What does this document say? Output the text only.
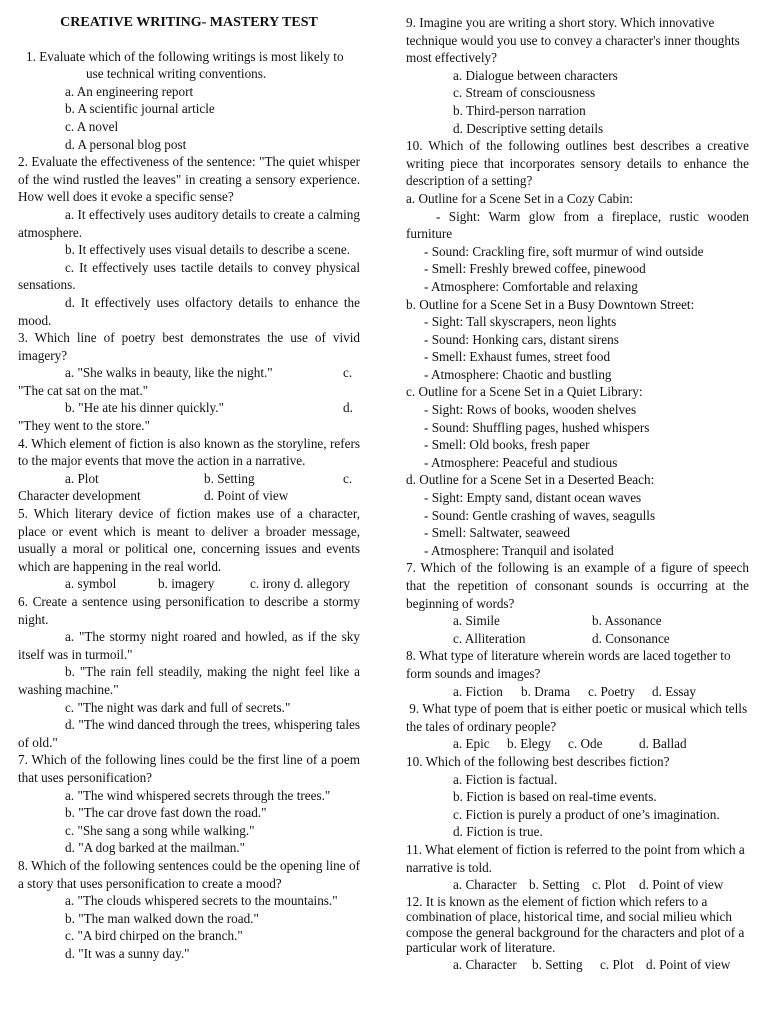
CREATIVE WRITING- MASTERY TEST
1. Evaluate which of the following writings is most likely to use technical writing conventions.
a. An engineering report
b. A scientific journal article
c. A novel
d. A personal blog post
2. Evaluate the effectiveness of the sentence: "The quiet whisper of the wind rustled the leaves" in creating a sensory experience. How well does it evoke a specific sense?
a. It effectively uses auditory details to create a calming atmosphere.
b. It effectively uses visual details to describe a scene.
c. It effectively uses tactile details to convey physical sensations.
d. It effectively uses olfactory details to enhance the mood.
3. Which line of poetry best demonstrates the use of vivid imagery?
a. "She walks in beauty, like the night."	c.
"The cat sat on the mat."
b. "He ate his dinner quickly."	d.
"They went to the store."
4. Which element of fiction is also known as the storyline, refers to the major events that move the action in a narrative.
a. Plot	b. Setting	c.
Character development	d. Point of view
5. Which literary device of fiction makes use of a character, place or event which is meant to deliver a broader message, usually a moral or political one, concerning issues and events which are happening in the real world.
a. symbol	b. imagery	c. irony d. allegory
6. Create a sentence using personification to describe a stormy night.
a. "The stormy night roared and howled, as if the sky itself was in turmoil."
b. "The rain fell steadily, making the night feel like a washing machine."
c. "The night was dark and full of secrets."
d. "The wind danced through the trees, whispering tales of old."
7. Which of the following lines could be the first line of a poem that uses personification?
a. "The wind whispered secrets through the trees."
b. "The car drove fast down the road."
c. "She sang a song while walking."
d. "A dog barked at the mailman."
8. Which of the following sentences could be the opening line of a story that uses personification to create a mood?
a. "The clouds whispered secrets to the mountains."
b. "The man walked down the road."
c. "A bird chirped on the branch."
d. "It was a sunny day."
9. Imagine you are writing a short story. Which innovative technique would you use to convey a character's inner thoughts most effectively?
a. Dialogue between characters
c. Stream of consciousness
b. Third-person narration
d. Descriptive setting details
10. Which of the following outlines best describes a creative writing piece that incorporates sensory details to enhance the description of a setting?
a. Outline for a Scene Set in a Cozy Cabin:
- Sight: Warm glow from a fireplace, rustic wooden furniture
- Sound: Crackling fire, soft murmur of wind outside
- Smell: Freshly brewed coffee, pinewood
- Atmosphere: Comfortable and relaxing
b. Outline for a Scene Set in a Busy Downtown Street:
- Sight: Tall skyscrapers, neon lights
- Sound: Honking cars, distant sirens
- Smell: Exhaust fumes, street food
- Atmosphere: Chaotic and bustling
c. Outline for a Scene Set in a Quiet Library:
- Sight: Rows of books, wooden shelves
- Sound: Shuffling pages, hushed whispers
- Smell: Old books, fresh paper
- Atmosphere: Peaceful and studious
d. Outline for a Scene Set in a Deserted Beach:
- Sight: Empty sand, distant ocean waves
- Sound: Gentle crashing of waves, seagulls
- Smell: Saltwater, seaweed
- Atmosphere: Tranquil and isolated
7. Which of the following is an example of a figure of speech that the repetition of consonant sounds is occurring at the beginning of words?
a. Simile	b. Assonance
c. Alliteration	d. Consonance
8. What type of literature wherein words are laced together to form sounds and images?
a. Fiction	b. Drama	c. Poetry	d. Essay
9. What type of poem that is either poetic or musical which tells the tales of ordinary people?
a. Epic	b. Elegy	c. Ode	d. Ballad
10. Which of the following best describes fiction?
a. Fiction is factual.
b. Fiction is based on real-time events.
c. Fiction is purely a product of one’s imagination.
d. Fiction is true.
11. What element of fiction is referred to the point from which a narrative is told.
a. Character b. Setting c. Plot	d. Point of view
12. It is known as the element of fiction which refers to a combination of place, historical time, and social milieu which compose the general background for the characters and plot of a particular work of literature.
a. Character	b. Setting	c. Plot d. Point of view
